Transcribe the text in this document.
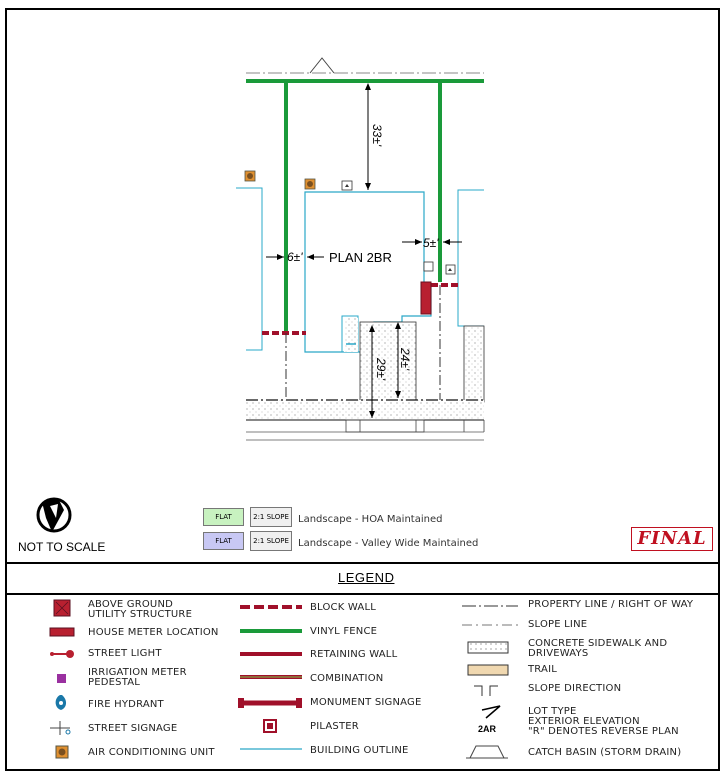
33±'
6±' PLAN 2BR
5±'
29±' 24±'
NOT TO SCALE
FLAT	2:1 SLOPE Landscape - HOA Maintained
FLAT	2:1 SLOPE Landscape - Valley Wide Maintained	FINAL
LEGEND
2AR
ABOVE GROUND
UTILITY STRUCTURE
HOUSE METER LOCATION
STREET LIGHT
IRRIGATION METER
PEDESTAL
FIRE HYDRANT
STREET SIGNAGE
AIR CONDITIONING UNIT
BLOCK WALL
VINYL FENCE
RETAINING WALL
COMBINATION
MONUMENT SIGNAGE
PILASTER
BUILDING OUTLINE
PROPERTY LINE / RIGHT OF WAY
SLOPE LINE
CONCRETE SIDEWALK AND
DRIVEWAYS
TRAIL
SLOPE DIRECTION
LOT TYPE
EXTERIOR ELEVATION
"R" DENOTES REVERSE PLAN
CATCH BASIN (STORM DRAIN)
